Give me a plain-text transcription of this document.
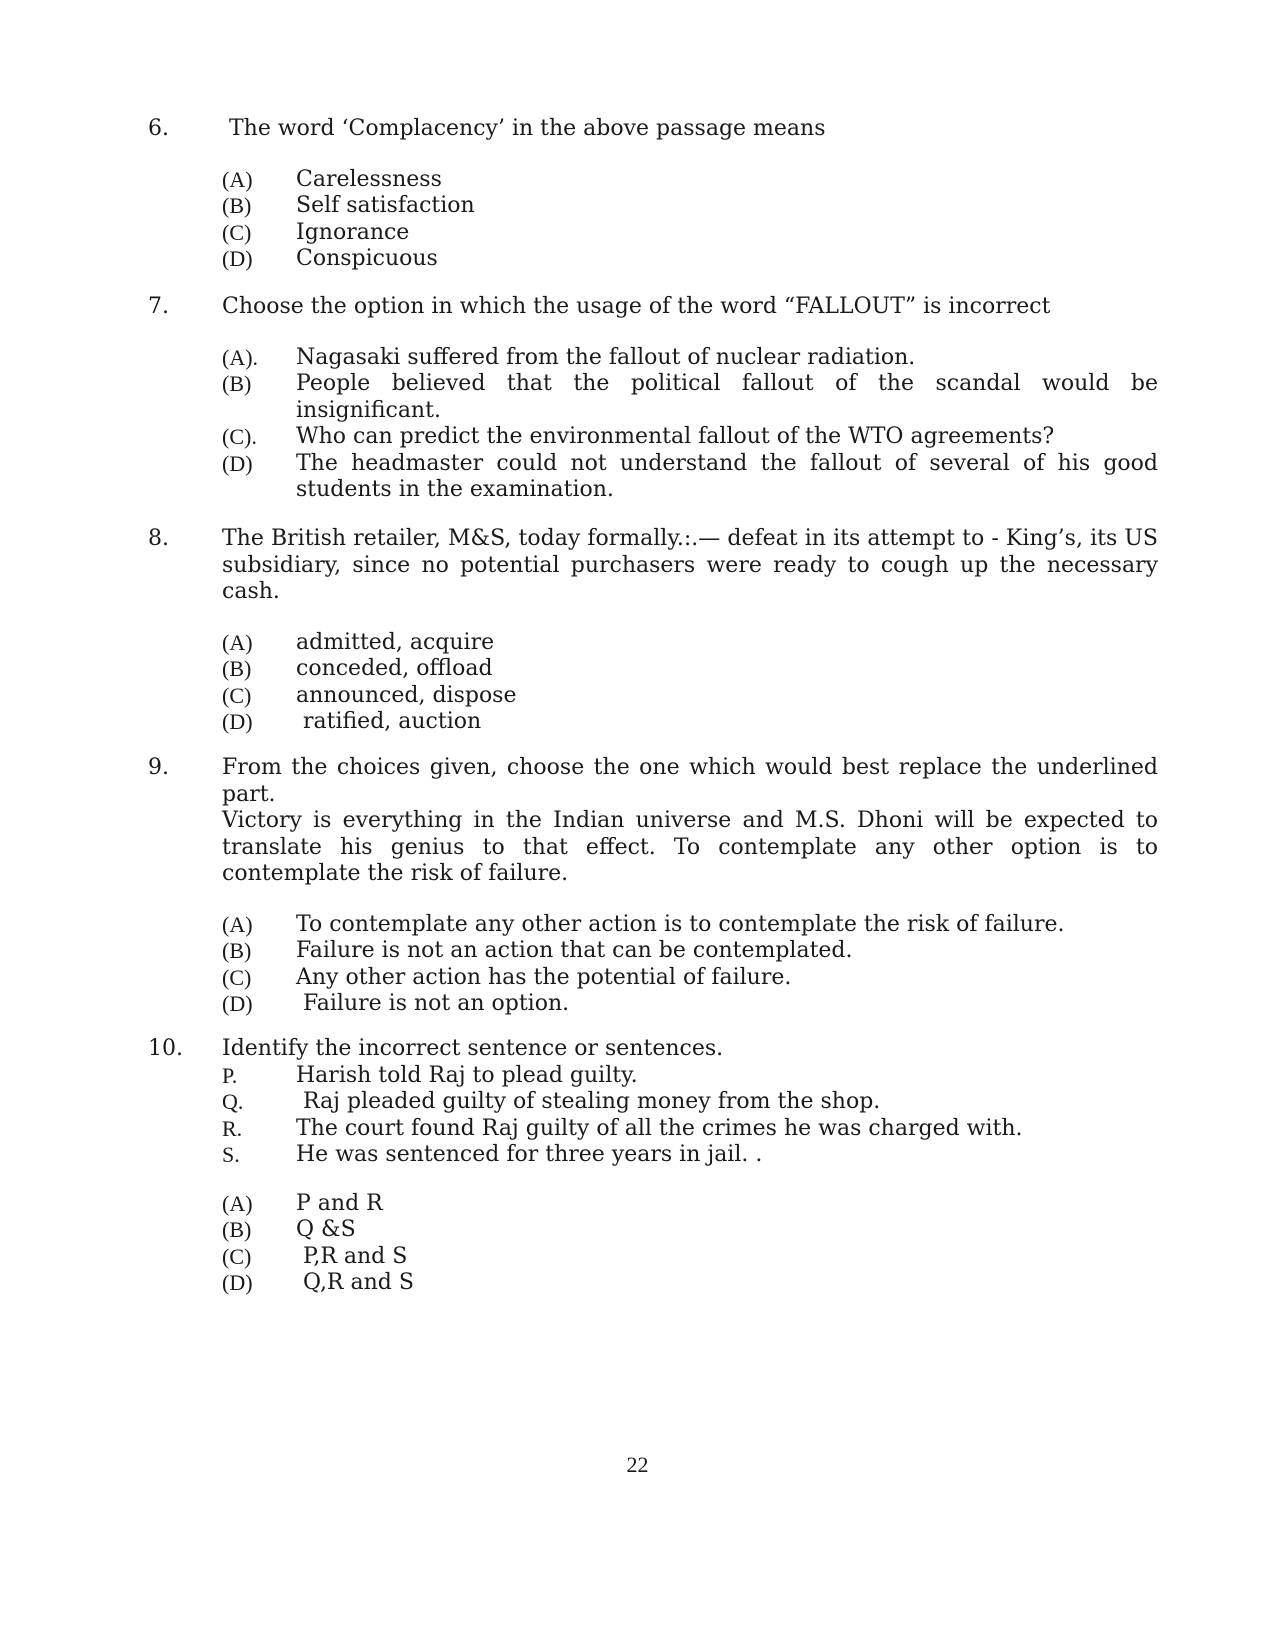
6.	The word ‘Complacency’ in the above passage means
(A)	Carelessness
(B)	Self satisfaction
(C)	Ignorance
(D)	Conspicuous
7.	Choose the option in which the usage of the word “FALLOUT” is incorrect
(A).	Nagasaki suffered from the fallout of nuclear radiation.
(B)	People believed that the political fallout of the scandal would be insignificant.
(C).	Who can predict the environmental fallout of the WTO agreements?
(D)	The headmaster could not understand the fallout of several of his good students in the examination.
8.	The British retailer, M&S, today formally.:.— defeat in its attempt to - King’s, its US subsidiary, since no potential purchasers were ready to cough up the necessary cash.
(A)	admitted, acquire
(B)	conceded, offload
(C)	announced, dispose
(D)	ratified, auction
9.	From the choices given, choose the one which would best replace the underlined part.
Victory is everything in the Indian universe and M.S. Dhoni will be expected to translate his genius to that effect. To contemplate any other option is to contemplate the risk of failure.
(A)	To contemplate any other action is to contemplate the risk of failure.
(B)	Failure is not an action that can be contemplated.
(C)	Any other action has the potential of failure.
(D)	Failure is not an option.
10.	Identify the incorrect sentence or sentences.
P.	Harish told Raj to plead guilty.
Q.	Raj pleaded guilty of stealing money from the shop.
R.	The court found Raj guilty of all the crimes he was charged with.
S.	He was sentenced for three years in jail. .
(A)	P and R
(B)	Q &S
(C)	P,R and S
(D)	Q,R and S
22
